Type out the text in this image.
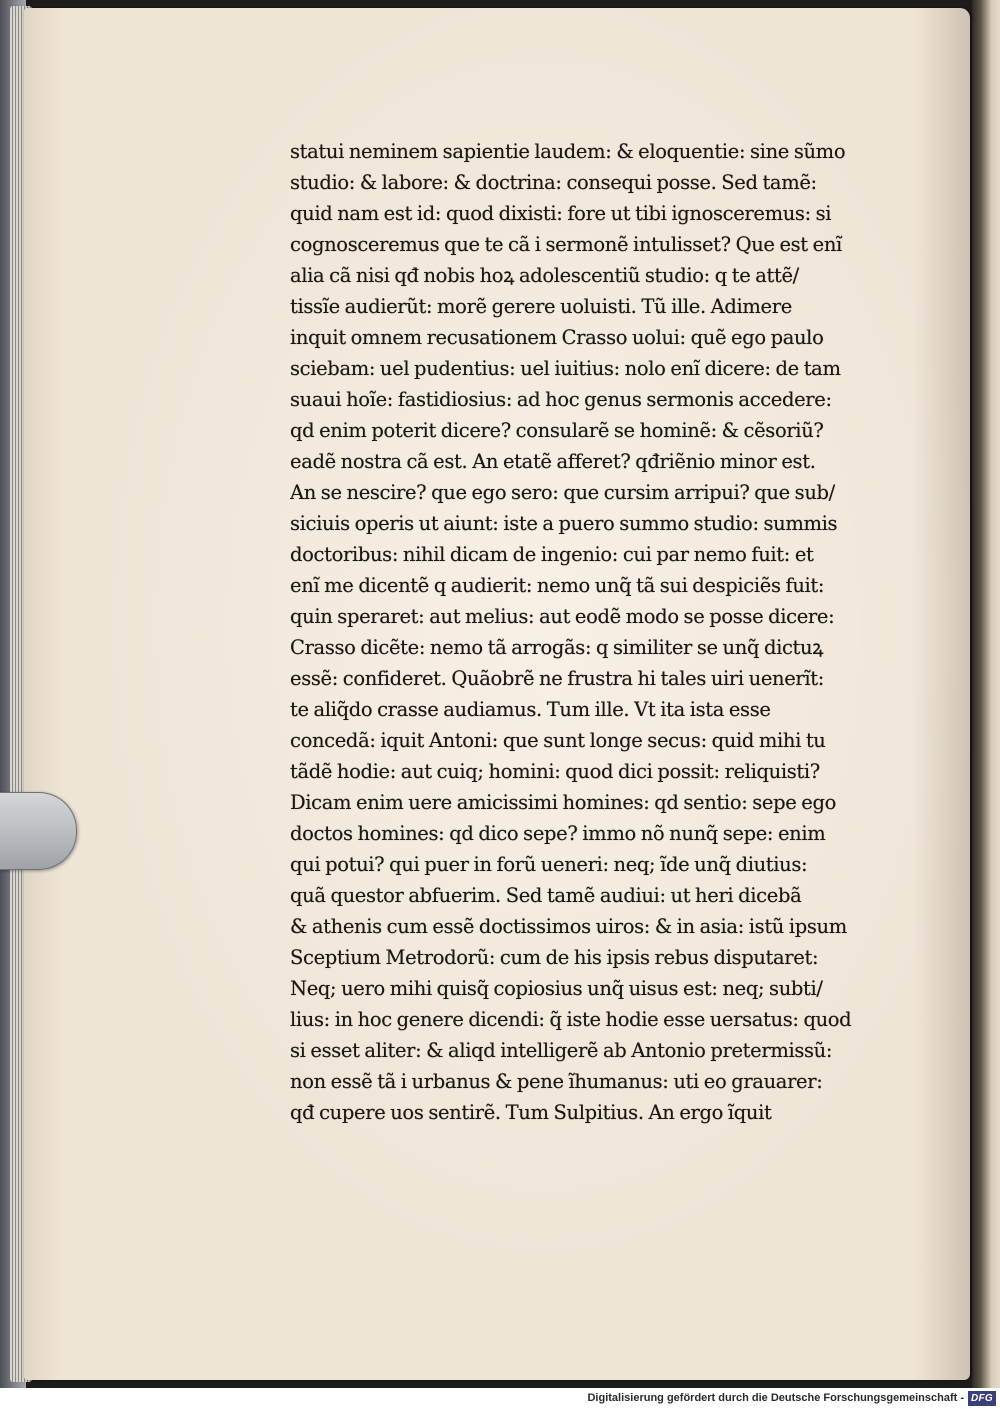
statui neminem sapientie laudem: & eloquentie: sine sũmo
studio: & labore: & doctrina: consequi posse. Sed tamẽ:
quid nam est id: quod dixisti: fore ut tibi ignosceremus: si
cognosceremus que te cã i sermonẽ intulisset? Que est enĩ
alia cã nisi qđ nobis hoꝝ adolescentiũ studio: q te attẽ/
tissĩe audierũt: morẽ gerere uoluisti. Tũ ille. Adimere
inquit omnem recusationem Crasso uolui: quẽ ego paulo
sciebam: uel pudentius: uel iuitius: nolo enĩ dicere: de tam
suaui hoĩe: fastidiosius: ad hoc genus sermonis accedere:
qd enim poterit dicere? consularẽ se hominẽ: & cẽsoriũ?
eadẽ nostra cã est. An etatẽ afferet? qđriẽnio minor est.
An se nescire? que ego sero: que cursim arripui? que sub/
siciuis operis ut aiunt: iste a puero summo studio: summis
doctoribus: nihil dicam de ingenio: cui par nemo fuit: et
enĩ me dicentẽ q audierit: nemo unq̃ tã sui despiciẽs fuit:
quin speraret: aut melius: aut eodẽ modo se posse dicere:
Crasso dicẽte: nemo tã arrogãs: q similiter se unq̃ dictuꝝ
essẽ: confideret. Quãobrẽ ne frustra hi tales uiri uenerĩt:
te aliq̃do crasse audiamus. Tum ille. Vt ita ista esse
concedã: iquit Antoni: que sunt longe secus: quid mihi tu
tãdẽ hodie: aut cuiq; homini: quod dici possit: reliquisti?
Dicam enim uere amicissimi homines: qd sentio: sepe ego
doctos homines: qd dico sepe? immo nõ nunq̃ sepe: enim
qui potui? qui puer in forũ ueneri: neq; ĩde unq̃ diutius:
quã questor abfuerim. Sed tamẽ audiui: ut heri dicebã
& athenis cum essẽ doctissimos uiros: & in asia: istũ ipsum
Sceptium Metrodorũ: cum de his ipsis rebus disputaret:
Neq; uero mihi quisq̃ copiosius unq̃ uisus est: neq; subti/
lius: in hoc genere dicendi: q̃ iste hodie esse uersatus: quod
si esset aliter: & aliqd intelligerẽ ab Antonio pretermissũ:
non essẽ tã i urbanus & pene ĩhumanus: uti eo grauarer:
qđ cupere uos sentirẽ. Tum Sulpitius. An ergo ĩquit
Digitalisierung gefördert durch die Deutsche Forschungsgemeinschaft - DFG
